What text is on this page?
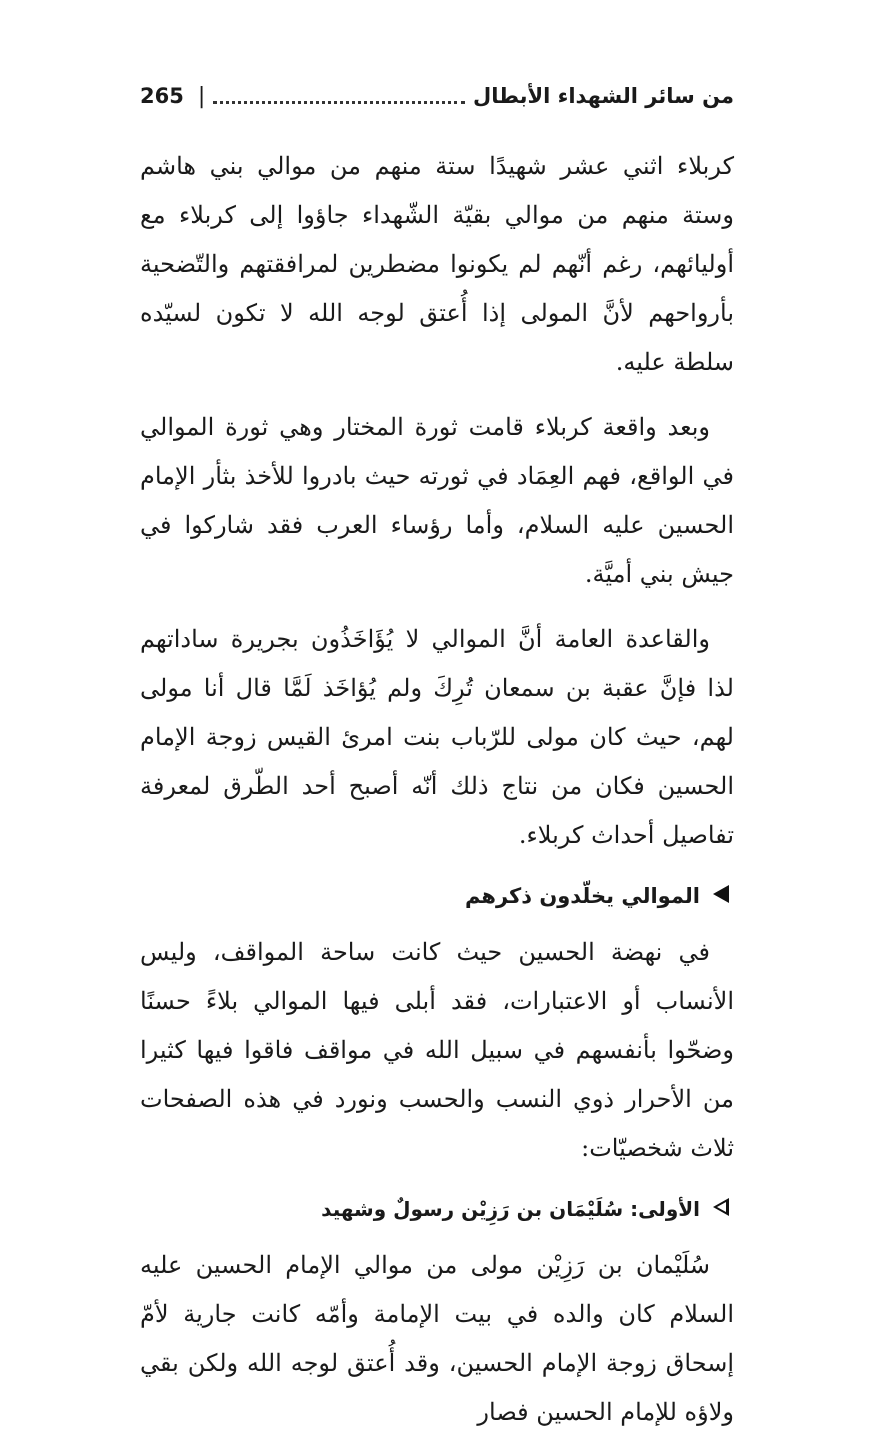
من سائر الشهداء الأبطال
|
265

كربلاء اثني عشر شهيدًا ستة منهم من موالي بني هاشم وستة منهم من موالي بقيّة الشّهداء جاؤوا إلى كربلاء مع أوليائهم، رغم أنّهم لم يكونوا مضطرين لمرافقتهم والتّضحية بأرواحهم لأنَّ المولى إذا أُعتق لوجه الله لا تكون لسيّده سلطة عليه.

وبعد واقعة كربلاء قامت ثورة المختار وهي ثورة الموالي في الواقع، فهم العِمَاد في ثورته حيث بادروا للأخذ بثأر الإمام الحسين عليه السلام، وأما رؤساء العرب فقد شاركوا في جيش بني أميَّة.

والقاعدة العامة أنَّ الموالي لا يُؤَاخَذُون بجريرة ساداتهم لذا فإنَّ عقبة بن سمعان تُرِكَ ولم يُؤاخَذ لَمَّا قال أنا مولى لهم، حيث كان مولى للرّباب بنت امرئ القيس زوجة الإمام الحسين فكان من نتاج ذلك أنّه أصبح أحد الطّرق لمعرفة تفاصيل أحداث كربلاء.

الموالي يخلّدون ذكرهم

في نهضة الحسين حيث كانت ساحة المواقف، وليس الأنساب أو الاعتبارات، فقد أبلى فيها الموالي بلاءً حسنًا وضحّوا بأنفسهم في سبيل الله في مواقف فاقوا فيها كثيرا من الأحرار ذوي النسب والحسب ونورد في هذه الصفحات ثلاث شخصيّات:

الأولى: سُلَيْمَان بن رَزِيْن رسولٌ وشهيد

سُلَيْمان بن رَزِيْن مولى من موالي الإمام الحسين عليه السلام كان والده في بيت الإمامة وأمّه كانت جارية لأمّ إسحاق زوجة الإمام الحسين، وقد أُعتق لوجه الله ولكن بقي ولاؤه للإمام الحسين فصار
